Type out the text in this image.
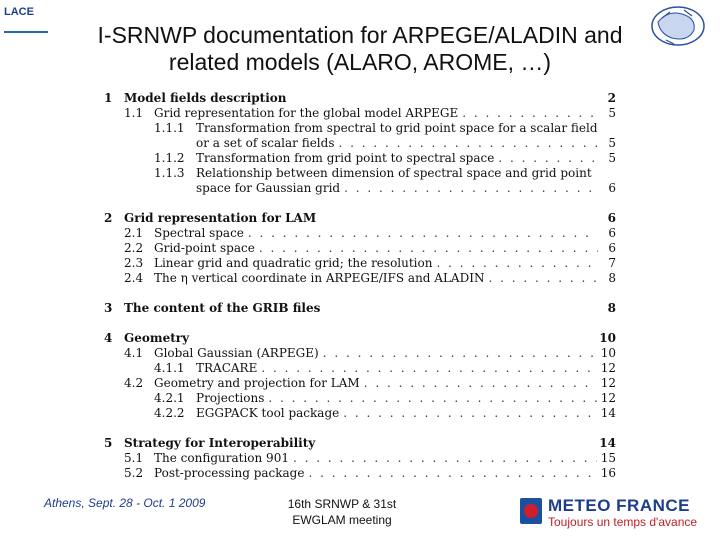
LACE
I-SRNWP documentation for ARPEGE/ALADIN and
related models (ALARO, AROME, …)
1 Model fields description	2
1.1 Grid representation for the global model ARPEGE . . .	5
1.1.1 Transformation from spectral to grid point space for a scalar field
or a set of scalar fields . . .	5
1.1.2 Transformation from grid point to spectral space . . .	5
1.1.3 Relationship between dimension of spectral space and grid point
space for Gaussian grid . . .	6
2 Grid representation for LAM	6
2.1 Spectral space . . .	6
2.2 Grid-point space . . .	6
2.3 Linear grid and quadratic grid; the resolution . . .	7
2.4 The η vertical coordinate in ARPEGE/IFS and ALADIN . . .	8
3 The content of the GRIB files	8
4 Geometry	10
4.1 Global Gaussian (ARPEGE) . . .	10
4.1.1 TRACARE . . .	12
4.2 Geometry and projection for LAM . . .	12
4.2.1 Projections . . .	12
4.2.2 EGGPACK tool package . . .	14
5 Strategy for Interoperability	14
5.1 The configuration 901 . . .	15
5.2 Post-processing package . . .	16
Athens, Sept. 28 - Oct. 1 2009	16th SRNWP & 31st
EWGLAM meeting
METEO FRANCE
Toujours un temps d'avance
